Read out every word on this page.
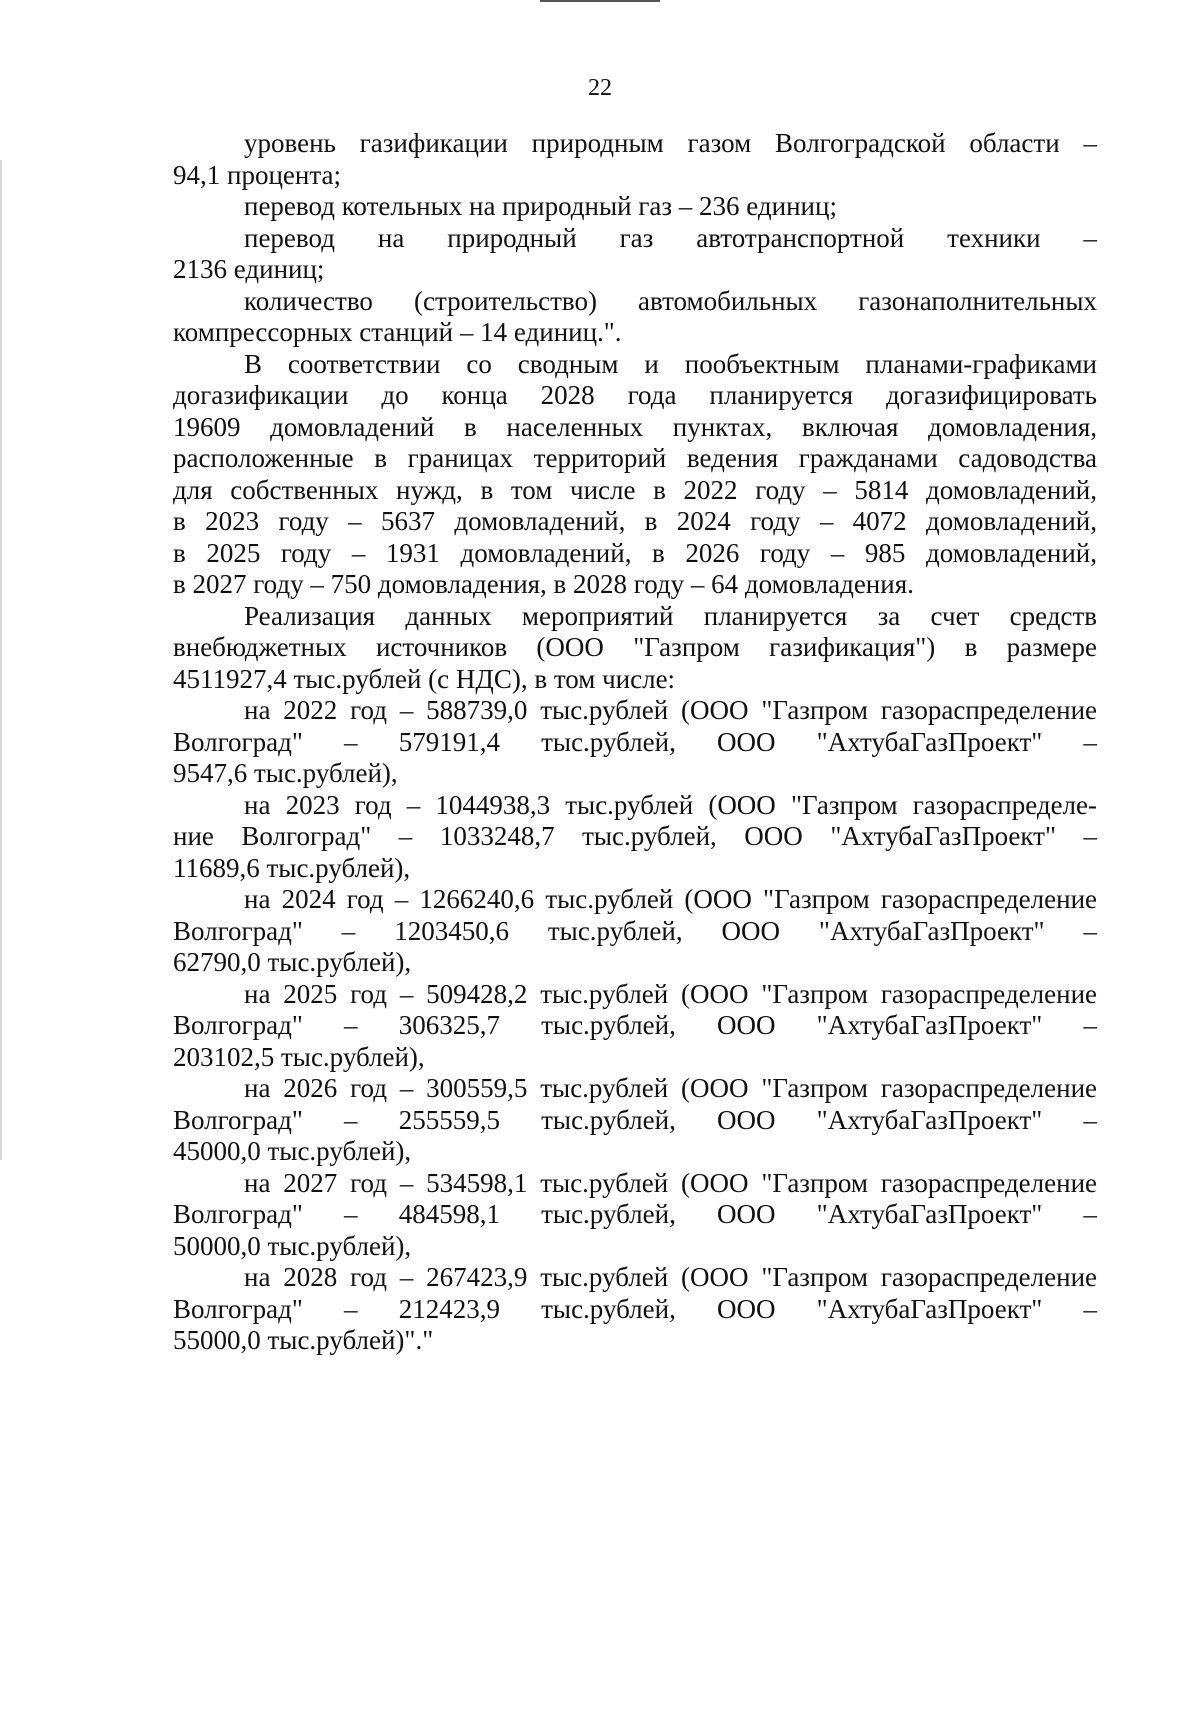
22

уровень газификации природным газом Волгоградской области –
94,1 процента;

перевод котельных на природный газ – 236 единиц;

перевод на природный газ автотранспортной техники –
2136 единиц;

количество (строительство) автомобильных газонаполнительных
компрессорных станций – 14 единиц.".

В соответствии со сводным и пообъектным планами-графиками
догазификации до конца 2028 года планируется догазифицировать
19609 домовладений в населенных пунктах, включая домовладения,
расположенные в границах территорий ведения гражданами садоводства
для собственных нужд, в том числе в 2022 году – 5814 домовладений,
в 2023 году – 5637 домовладений, в 2024 году – 4072 домовладений,
в 2025 году – 1931 домовладений, в 2026 году – 985 домовладений,
в 2027 году – 750 домовладения, в 2028 году – 64 домовладения.

Реализация данных мероприятий планируется за счет средств
внебюджетных источников (ООО "Газпром газификация") в размере
4511927,4 тыс.рублей (с НДС), в том числе:

на 2022 год – 588739,0 тыс.рублей (ООО "Газпром газораспределение
Волгоград" – 579191,4 тыс.рублей, ООО "АхтубаГазПроект" –
9547,6 тыс.рублей),

на 2023 год – 1044938,3 тыс.рублей (ООО "Газпром газораспределе-
ние Волгоград" – 1033248,7 тыс.рублей, ООО "АхтубаГазПроект" –
11689,6 тыс.рублей),

на 2024 год – 1266240,6 тыс.рублей (ООО "Газпром газораспределение
Волгоград" – 1203450,6 тыс.рублей, ООО "АхтубаГазПроект" –
62790,0 тыс.рублей),

на 2025 год – 509428,2 тыс.рублей (ООО "Газпром газораспределение
Волгоград" – 306325,7 тыс.рублей, ООО "АхтубаГазПроект" –
203102,5 тыс.рублей),

на 2026 год – 300559,5 тыс.рублей (ООО "Газпром газораспределение
Волгоград" – 255559,5 тыс.рублей, ООО "АхтубаГазПроект" –
45000,0 тыс.рублей),

на 2027 год – 534598,1 тыс.рублей (ООО "Газпром газораспределение
Волгоград" – 484598,1 тыс.рублей, ООО "АхтубаГазПроект" –
50000,0 тыс.рублей),

на 2028 год – 267423,9 тыс.рублей (ООО "Газпром газораспределение
Волгоград" – 212423,9 тыс.рублей, ООО "АхтубаГазПроект" –
55000,0 тыс.рублей)"."
